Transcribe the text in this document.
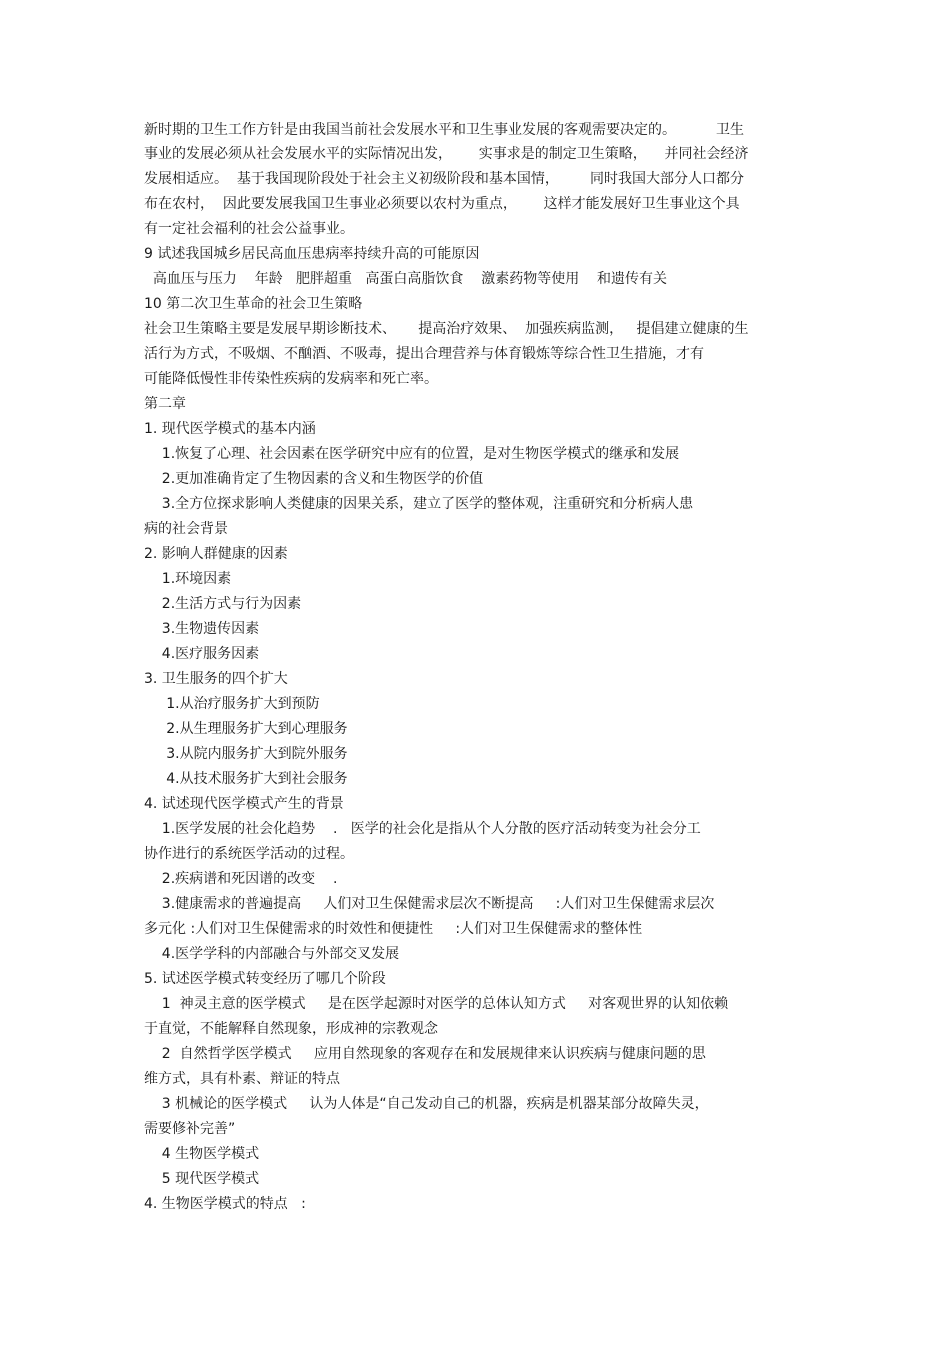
新时期的卫生工作方针是由我国当前社会发展水平和卫生事业发展的客观需要决定的。         卫生
事业的发展必须从社会发展水平的实际情况出发，      实事求是的制定卫生策略，    并同社会经济
发展相适应。  基于我国现阶段处于社会主义初级阶段和基本国情，       同时我国大部分人口都分
布在农村，  因此要发展我国卫生事业必须要以农村为重点，      这样才能发展好卫生事业这个具
有一定社会福利的社会公益事业。
9 试述我国城乡居民高血压患病率持续升高的可能原因
高血压与压力    年龄   肥胖超重   高蛋白高脂饮食    激素药物等使用    和遗传有关
10 第二次卫生革命的社会卫生策略
社会卫生策略主要是发展早期诊断技术、     提高治疗效果、  加强疾病监测，   提倡建立健康的生
活行为方式，不吸烟、不酗酒、不吸毒，提出合理营养与体育锻炼等综合性卫生措施，才有
可能降低慢性非传染性疾病的发病率和死亡率。
第二章
1. 现代医学模式的基本内涵
1.恢复了心理、社会因素在医学研究中应有的位置，是对生物医学模式的继承和发展
2.更加准确肯定了生物因素的含义和生物医学的价值
3.全方位探求影响人类健康的因果关系，建立了医学的整体观，注重研究和分析病人患
病的社会背景
2. 影响人群健康的因素
1.环境因素
2.生活方式与行为因素
3.生物遗传因素
4.医疗服务因素
3. 卫生服务的四个扩大
1.从治疗服务扩大到预防
2.从生理服务扩大到心理服务
3.从院内服务扩大到院外服务
4.从技术服务扩大到社会服务
4. 试述现代医学模式产生的背景
1.医学发展的社会化趋势    .   医学的社会化是指从个人分散的医疗活动转变为社会分工
协作进行的系统医学活动的过程。
2.疾病谱和死因谱的改变    .
3.健康需求的普遍提高     人们对卫生保健需求层次不断提高     :人们对卫生保健需求层次
多元化 :人们对卫生保健需求的时效性和便捷性     :人们对卫生保健需求的整体性
4.医学学科的内部融合与外部交叉发展
5. 试述医学模式转变经历了哪几个阶段
1  神灵主意的医学模式     是在医学起源时对医学的总体认知方式     对客观世界的认知依赖
于直觉，不能解释自然现象，形成神的宗教观念
2  自然哲学医学模式     应用自然现象的客观存在和发展规律来认识疾病与健康问题的思
维方式，具有朴素、辩证的特点
3 机械论的医学模式     认为人体是“自己发动自己的机器，疾病是机器某部分故障失灵，
需要修补完善”
4 生物医学模式
5 现代医学模式
4. 生物医学模式的特点   :
